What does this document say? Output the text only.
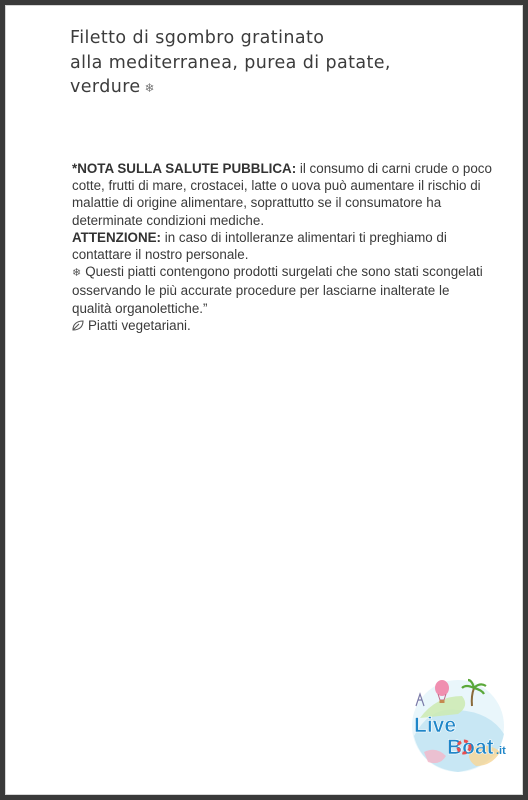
Filetto di sgombro gratinato
alla mediterranea, purea di patate,
verdure ❄

*NOTA SULLA SALUTE PUBBLICA: il consumo di carni crude o poco cotte, frutti di mare, crostacei, latte o uova può aumentare il rischio di malattie di origine alimentare, soprattutto se il consumatore ha determinate condizioni mediche.

ATTENZIONE: in caso di intolleranze alimentari ti preghiamo di contattare il nostro personale.

❄ Questi piatti contengono prodotti surgelati che sono stati scongelati osservando le più accurate procedure per lasciarne inalterate le qualità organolettiche.”

Piatti vegetariani.

Live
Boat .it
